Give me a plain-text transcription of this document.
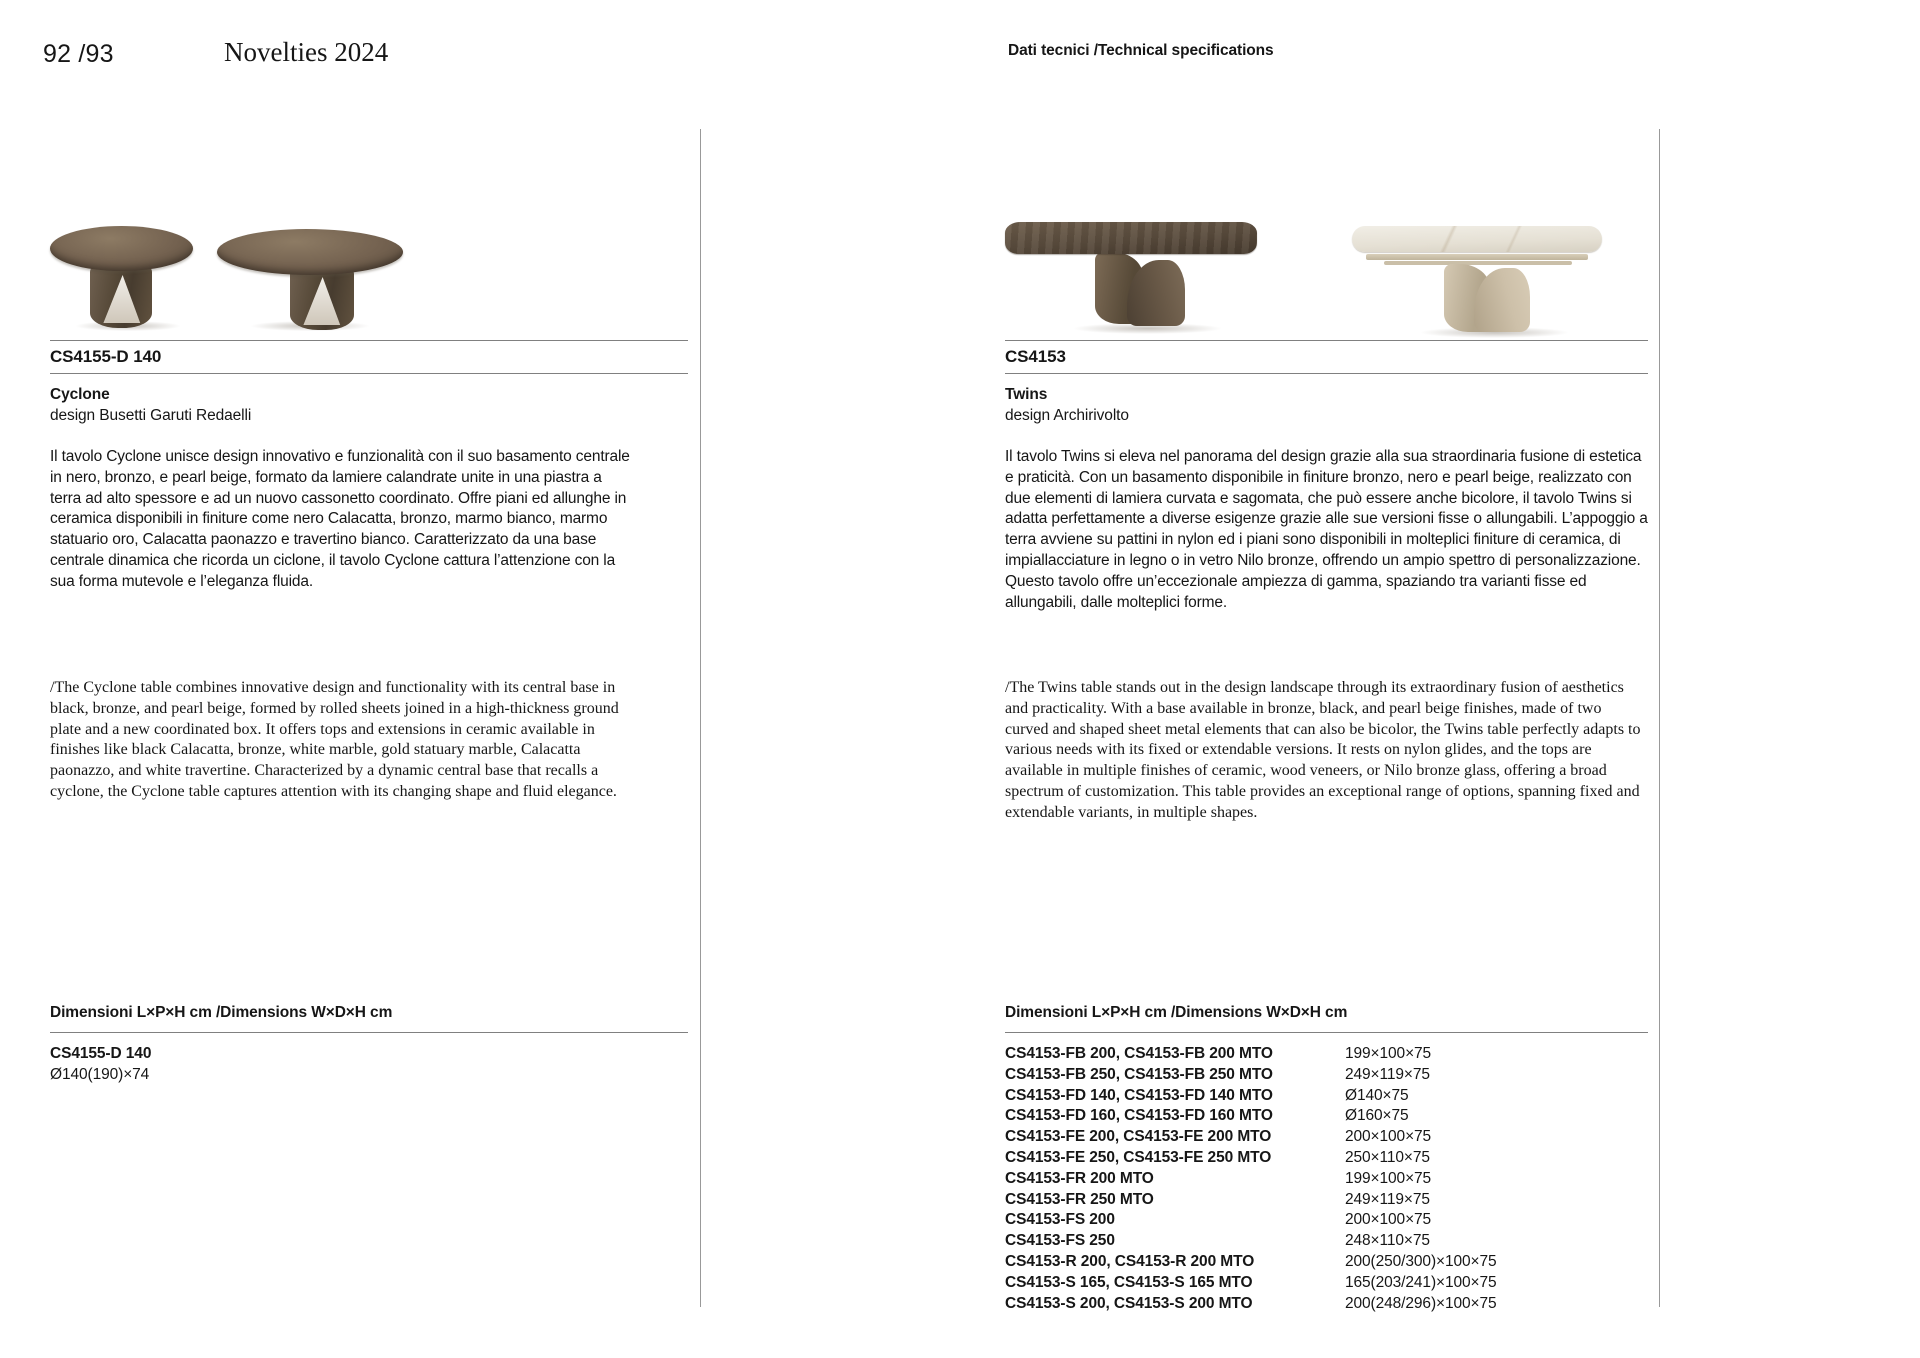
92 /93	Novelties 2024	Dati tecnici /Technical specifications
CS4155-D 140
Cyclone
design Busetti Garuti Redaelli

Il tavolo Cyclone unisce design innovativo e funzionalità con il suo basamento centrale in nero, bronzo, e pearl beige, formato da lamiere calandrate unite in una piastra a terra ad alto spessore e ad un nuovo cassonetto coordinato. Offre piani ed allunghe in ceramica disponibili in finiture come nero Calacatta, bronzo, marmo bianco, marmo statuario oro, Calacatta paonazzo e travertino bianco. Caratterizzato da una base centrale dinamica che ricorda un ciclone, il tavolo Cyclone cattura l’attenzione con la sua forma mutevole e l’eleganza fluida.

/The Cyclone table combines innovative design and functionality with its central base in black, bronze, and pearl beige, formed by rolled sheets joined in a high-thickness ground plate and a new coordinated box. It offers tops and extensions in ceramic available in finishes like black Calacatta, bronze, white marble, gold statuary marble, Calacatta paonazzo, and white travertine. Characterized by a dynamic central base that recalls a cyclone, the Cyclone table captures attention with its changing shape and fluid elegance.

Dimensioni L×P×H cm /Dimensions W×D×H cm
CS4155-D 140
Ø140(190)×74
CS4153
Twins
design Archirivolto

Il tavolo Twins si eleva nel panorama del design grazie alla sua straordinaria fusione di estetica e praticità. Con un basamento disponibile in finiture bronzo, nero e pearl beige, realizzato con due elementi di lamiera curvata e sagomata, che può essere anche bicolore, il tavolo Twins si adatta perfettamente a diverse esigenze grazie alle sue versioni fisse o allungabili. L’appoggio a terra avviene su pattini in nylon ed i piani sono disponibili in molteplici finiture di ceramica, di impiallacciature in legno o in vetro Nilo bronze, offrendo un ampio spettro di personalizzazione. Questo tavolo offre un’eccezionale ampiezza di gamma, spaziando tra varianti fisse ed allungabili, dalle molteplici forme.

/The Twins table stands out in the design landscape through its extraordinary fusion of aesthetics and practicality. With a base available in bronze, black, and pearl beige finishes, made of two curved and shaped sheet metal elements that can also be bicolor, the Twins table perfectly adapts to various needs with its fixed or extendable versions. It rests on nylon glides, and the tops are available in multiple finishes of ceramic, wood veneers, or Nilo bronze glass, offering a broad spectrum of customization. This table provides an exceptional range of options, spanning fixed and extendable variants, in multiple shapes.

Dimensioni L×P×H cm /Dimensions W×D×H cm
CS4153-FB 200, CS4153-FB 200 MTO	199×100×75
CS4153-FB 250, CS4153-FB 250 MTO	249×119×75
CS4153-FD 140, CS4153-FD 140 MTO	Ø140×75
CS4153-FD 160, CS4153-FD 160 MTO	Ø160×75
CS4153-FE 200, CS4153-FE 200 MTO	200×100×75
CS4153-FE 250, CS4153-FE 250 MTO	250×110×75
CS4153-FR 200 MTO	199×100×75
CS4153-FR 250 MTO	249×119×75
CS4153-FS 200	200×100×75
CS4153-FS 250	248×110×75
CS4153-R 200, CS4153-R 200 MTO	200(250/300)×100×75
CS4153-S 165, CS4153-S 165 MTO	165(203/241)×100×75
CS4153-S 200, CS4153-S 200 MTO	200(248/296)×100×75
